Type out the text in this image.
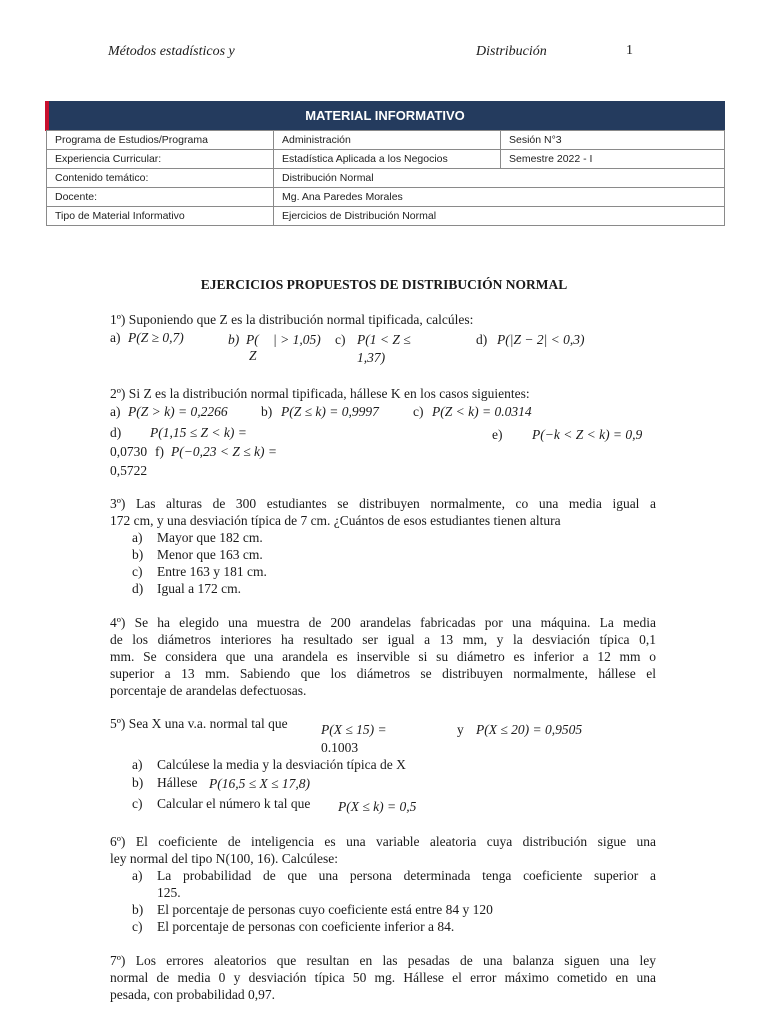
Métodos estadísticos y	Distribución	1
MATERIAL INFORMATIVO
Programa de Estudios/Programa	Administración	Sesión N°3
Experiencia Curricular:	Estadística Aplicada a los Negocios	Semestre 2022 - I
Contenido temático:	Distribución Normal	
Docente:	Mg. Ana Paredes Morales	
Tipo de Material Informativo	Ejercicios de Distribución Normal	
EJERCICIOS PROPUESTOS DE DISTRIBUCIÓN NORMAL
1º) Suponiendo que Z es la distribución normal tipificada, calcúles:
a) P(Z ≥ 0,7)	b) P( | > 1,05)
Z
c) P(1 < Z ≤
1,37)
d) P(|Z − 2| < 0,3)
2º) Si Z es la distribución normal tipificada, hállese K en los casos siguientes:
a) P(Z > k) = 0,2266 b) P(Z ≤ k) = 0,9997	c) P(Z < k) = 0.0314
d) P(1,15 ≤ Z < k) =	e) P(−k < Z < k) = 0,9
0,0730 f) P(−0,23 < Z ≤ k) =
0,5722
3º) Las alturas de 300 estudiantes se distribuyen normalmente, co una media igual a
172 cm, y una desviación típica de 7 cm. ¿Cuántos de esos estudiantes tienen altura
a) Mayor que 182 cm.
b) Menor que 163 cm.
c) Entre 163 y 181 cm.
d) Igual a 172 cm.
4º) Se ha elegido una muestra de 200 arandelas fabricadas por una máquina. La media
de los diámetros interiores ha resultado ser igual a 13 mm, y la desviación típica 0,1
mm. Se considera que una arandela es inservible si su diámetro es inferior a 12 mm o
superior a 13 mm. Sabiendo que los diámetros se distribuyen normalmente, hállese el
porcentaje de arandelas defectuosas.
5º) Sea X una v.a. normal tal que P(X ≤ 15) =
0.1003
y P(X ≤ 20) = 0,9505
a) Calcúlese la media y la desviación típica de X
b) Hállese P(16,5 ≤ X ≤ 17,8)
c) Calcular el número k tal que P(X ≤ k) = 0,5
6º) El coeficiente de inteligencia es una variable aleatoria cuya distribución sigue una
ley normal del tipo N(100, 16). Calcúlese:
a) La probabilidad de que una persona determinada tenga coeficiente superior a
125.
b) El porcentaje de personas cuyo coeficiente está entre 84 y 120
c) El porcentaje de personas con coeficiente inferior a 84.
7º) Los errores aleatorios que resultan en las pesadas de una balanza siguen una ley
normal de media 0 y desviación típica 50 mg. Hállese el error máximo cometido en una
pesada, con probabilidad 0,97.
